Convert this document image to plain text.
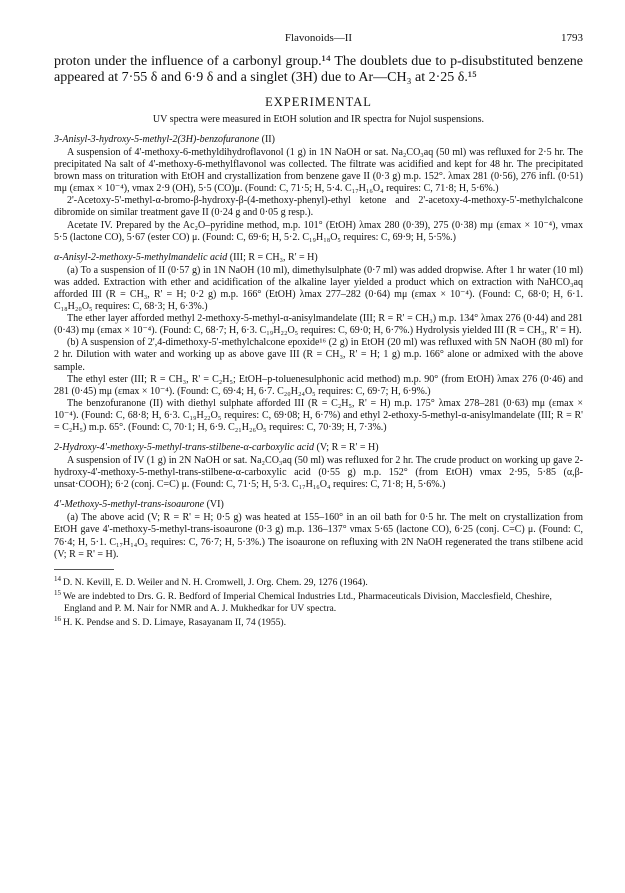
Flavonoids—II	1793

proton under the influence of a carbonyl group.¹⁴ The doublets due to p-disubstituted benzene appeared at 7·55 δ and 6·9 δ and a singlet (3H) due to Ar—CH₃ at 2·25 δ.¹⁵

EXPERIMENTAL
UV spectra were measured in EtOH solution and IR spectra for Nujol suspensions.
3-Anisyl-3-hydroxy-5-methyl-2(3H)-benzofuranone (II)

A suspension of 4'-methoxy-6-methyldihydroflavonol (1 g) in 1N NaOH or sat. Na₂CO₃aq (50 ml) was refluxed for 2·5 hr. The precipitated Na salt of 4'-methoxy-6-methylflavonol was collected. The filtrate was acidified and kept for 48 hr. The precipitated brown mass on trituration with EtOH and crystallization from benzene gave II (0·3 g) m.p. 152°. λmax 281 (0·56), 276 infl. (0·51) mμ (εmax × 10⁻⁴), νmax 2·9 (OH), 5·5 (CO)μ. (Found: C, 71·5; H, 5·4. C₁₇H₁₆O₄ requires: C, 71·8; H, 5·6%.)

2'-Acetoxy-5'-methyl-α-bromo-β-hydroxy-β-(4-methoxy-phenyl)-ethyl ketone and 2'-acetoxy-4-methoxy-5'-methylchalcone dibromide on similar treatment gave II (0·24 g and 0·05 g resp.).

Acetate IV. Prepared by the Ac₂O–pyridine method, m.p. 101° (EtOH) λmax 280 (0·39), 275 (0·38) mμ (εmax × 10⁻⁴), νmax 5·5 (lactone CO), 5·67 (ester CO) μ. (Found: C, 69·6; H, 5·2. C₁₉H₁₈O₅ requires: C, 69·9; H, 5·5%.)

α-Anisyl-2-methoxy-5-methylmandelic acid (III; R = CH₃, R' = H)

(a) To a suspension of II (0·57 g) in 1N NaOH (10 ml), dimethylsulphate (0·7 ml) was added dropwise. After 1 hr water (10 ml) was added. Extraction with ether and acidification of the alkaline layer yielded a product which on extraction with NaHCO₃aq afforded III (R = CH₃, R' = H; 0·2 g) m.p. 166° (EtOH) λmax 277–282 (0·64) mμ (εmax × 10⁻⁴). (Found: C, 68·0; H, 6·1. C₁₈H₂₀O₅ requires: C, 68·3; H, 6·3%.)

The ether layer afforded methyl 2-methoxy-5-methyl-α-anisylmandelate (III; R = R' = CH₃) m.p. 134° λmax 276 (0·44) and 281 (0·43) mμ (εmax × 10⁻⁴). (Found: C, 68·7; H, 6·3. C₁₉H₂₂O₅ requires: C, 69·0; H, 6·7%.) Hydrolysis yielded III (R = CH₃, R' = H).

(b) A suspension of 2',4-dimethoxy-5'-methylchalcone epoxide¹⁶ (2 g) in EtOH (20 ml) was refluxed with 5N NaOH (80 ml) for 2 hr. Dilution with water and working up as above gave III (R = CH₃, R' = H; 1 g) m.p. 166° alone or admixed with the above sample.

The ethyl ester (III; R = CH₃, R' = C₂H₅; EtOH–p-toluenesulphonic acid method) m.p. 90° (from EtOH) λmax 276 (0·46) and 281 (0·45) mμ (εmax × 10⁻⁴). (Found: C, 69·4; H, 6·7. C₂₀H₂₄O₅ requires: C, 69·7; H, 6·9%.)

The benzofuranone (II) with diethyl sulphate afforded III (R = C₂H₅, R' = H) m.p. 175° λmax 278–281 (0·63) mμ (εmax × 10⁻⁴). (Found: C, 68·8; H, 6·3. C₁₉H₂₂O₅ requires: C, 69·08; H, 6·7%) and ethyl 2-ethoxy-5-methyl-α-anisylmandelate (III; R = R' = C₂H₅) m.p. 65°. (Found: C, 70·1; H, 6·9. C₂₁H₂₆O₅ requires: C, 70·39; H, 7·3%.)

2-Hydroxy-4'-methoxy-5-methyl-trans-stilbene-α-carboxylic acid (V; R = R' = H)

A suspension of IV (1 g) in 2N NaOH or sat. Na₂CO₃aq (50 ml) was refluxed for 2 hr. The crude product on working up gave 2-hydroxy-4'-methoxy-5-methyl-trans-stilbene-α-carboxylic acid (0·55 g) m.p. 152° (from EtOH) νmax 2·95, 5·85 (α,β-unsat·COOH); 6·2 (conj. C=C) μ. (Found: C, 71·5; H, 5·3. C₁₇H₁₆O₄ requires: C, 71·8; H, 5·6%.)

4'-Methoxy-5-methyl-trans-isoaurone (VI)

(a) The above acid (V; R = R' = H; 0·5 g) was heated at 155–160° in an oil bath for 0·5 hr. The melt on crystallization from EtOH gave 4'-methoxy-5-methyl-trans-isoaurone (0·3 g) m.p. 136–137° νmax 5·65 (lactone CO), 6·25 (conj. C=C) μ. (Found: C, 76·4; H, 5·1. C₁₇H₁₄O₃ requires: C, 76·7; H, 5·3%.) The isoaurone on refluxing with 2N NaOH regenerated the trans stilbene acid (V; R = R' = H).

$^{14}$ D. N. Kevill, E. D. Weiler and N. H. Cromwell, J. Org. Chem. 29, 1276 (1964).

$^{15}$ We are indebted to Drs. G. R. Bedford of Imperial Chemical Industries Ltd., Pharmaceuticals Division, Macclesfield, Cheshire, England and P. M. Nair for NMR and A. J. Mukhedkar for UV spectra.

$^{16}$ H. K. Pendse and S. D. Limaye, Rasayanam II, 74 (1955).
